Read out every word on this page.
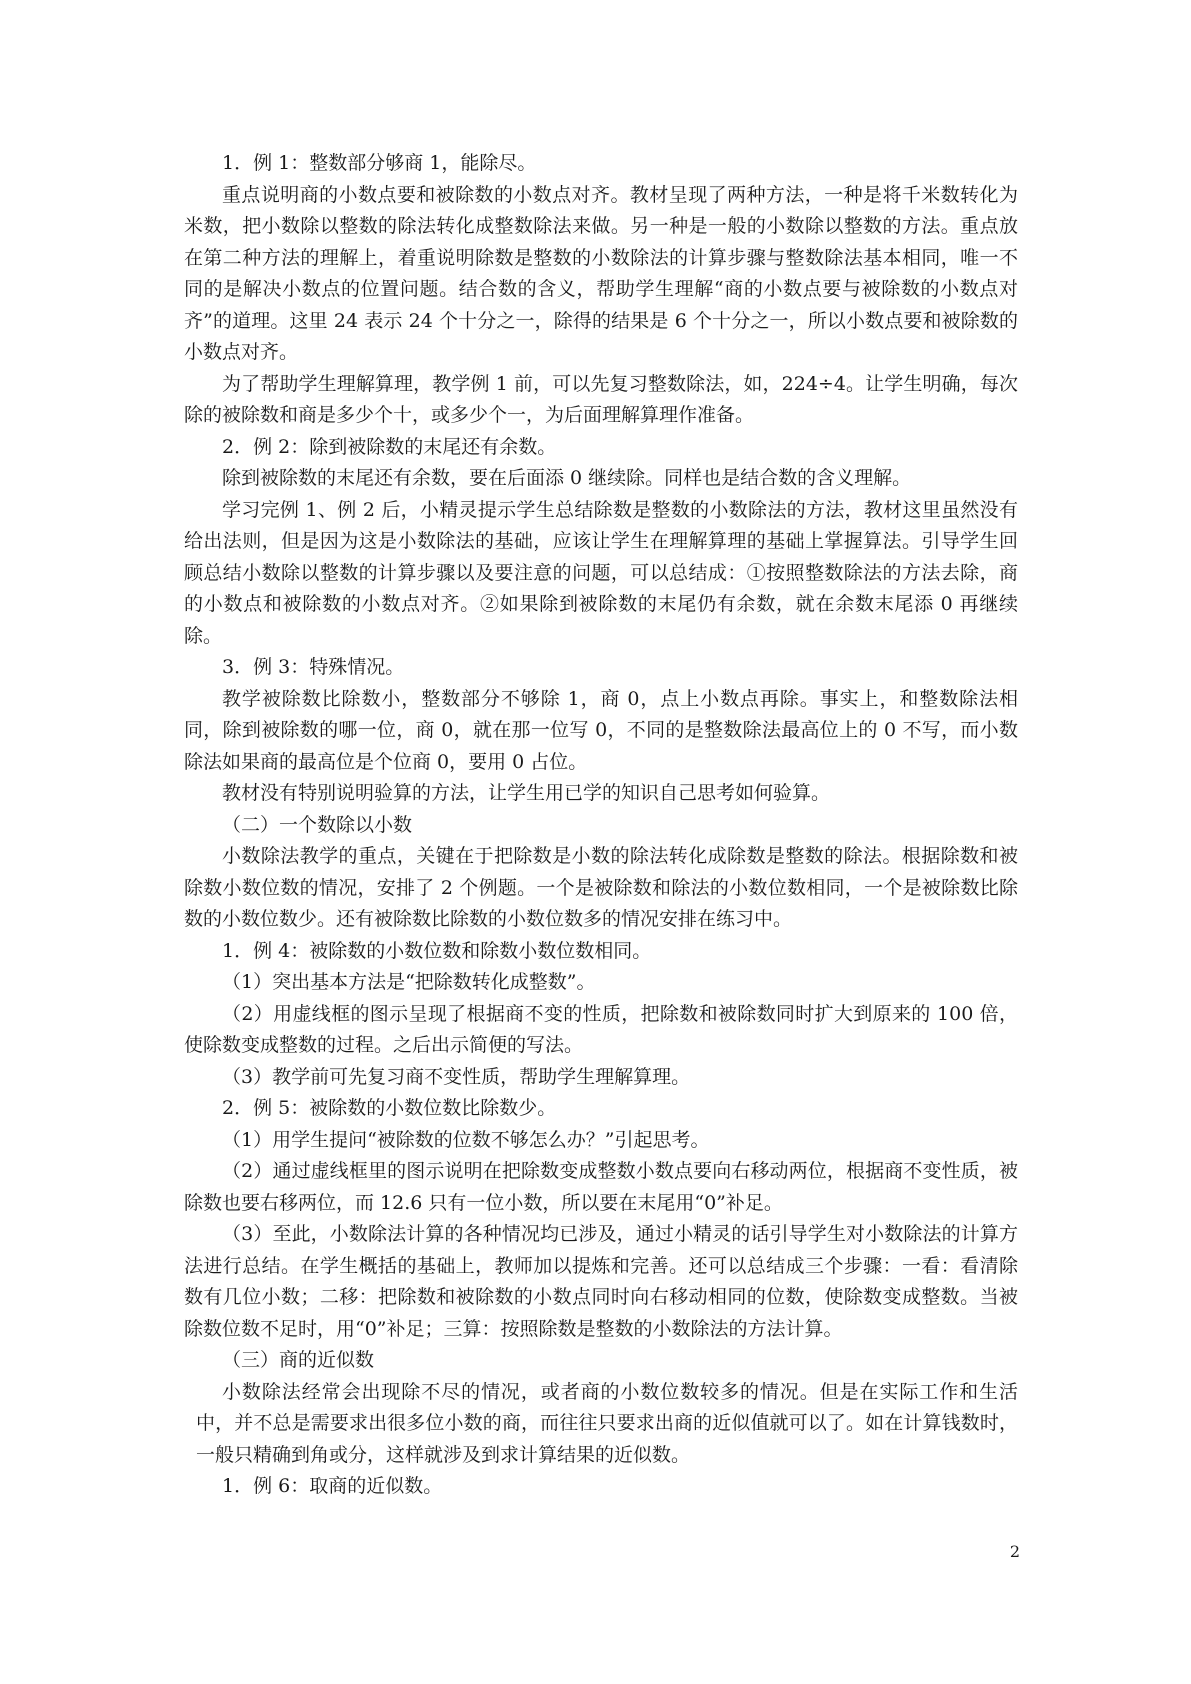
1．例 1：整数部分够商 1，能除尽。

重点说明商的小数点要和被除数的小数点对齐。教材呈现了两种方法，一种是将千米数转化为米数，把小数除以整数的除法转化成整数除法来做。另一种是一般的小数除以整数的方法。重点放在第二种方法的理解上，着重说明除数是整数的小数除法的计算步骤与整数除法基本相同，唯一不同的是解决小数点的位置问题。结合数的含义，帮助学生理解“商的小数点要与被除数的小数点对齐”的道理。这里 24 表示 24 个十分之一，除得的结果是 6 个十分之一，所以小数点要和被除数的小数点对齐。

为了帮助学生理解算理，教学例 1 前，可以先复习整数除法，如，224÷4。让学生明确，每次除的被除数和商是多少个十，或多少个一，为后面理解算理作准备。

2．例 2：除到被除数的末尾还有余数。

除到被除数的末尾还有余数，要在后面添 0 继续除。同样也是结合数的含义理解。

学习完例 1、例 2 后，小精灵提示学生总结除数是整数的小数除法的方法，教材这里虽然没有给出法则，但是因为这是小数除法的基础，应该让学生在理解算理的基础上掌握算法。引导学生回顾总结小数除以整数的计算步骤以及要注意的问题，可以总结成：①按照整数除法的方法去除，商的小数点和被除数的小数点对齐。②如果除到被除数的末尾仍有余数，就在余数末尾添 0 再继续除。

3．例 3：特殊情况。

教学被除数比除数小，整数部分不够除 1，商 0，点上小数点再除。事实上，和整数除法相同，除到被除数的哪一位，商 0，就在那一位写 0，不同的是整数除法最高位上的 0 不写，而小数除法如果商的最高位是个位商 0，要用 0 占位。

教材没有特别说明验算的方法，让学生用已学的知识自己思考如何验算。

（二）一个数除以小数

小数除法教学的重点，关键在于把除数是小数的除法转化成除数是整数的除法。根据除数和被除数小数位数的情况，安排了 2 个例题。一个是被除数和除法的小数位数相同，一个是被除数比除数的小数位数少。还有被除数比除数的小数位数多的情况安排在练习中。

1．例 4：被除数的小数位数和除数小数位数相同。

（1）突出基本方法是“把除数转化成整数”。

（2）用虚线框的图示呈现了根据商不变的性质，把除数和被除数同时扩大到原来的 100 倍，使除数变成整数的过程。之后出示简便的写法。

（3）教学前可先复习商不变性质，帮助学生理解算理。

2．例 5：被除数的小数位数比除数少。

（1）用学生提问“被除数的位数不够怎么办？”引起思考。

（2）通过虚线框里的图示说明在把除数变成整数小数点要向右移动两位，根据商不变性质，被除数也要右移两位，而 12.6 只有一位小数，所以要在末尾用“0”补足。

（3）至此，小数除法计算的各种情况均已涉及，通过小精灵的话引导学生对小数除法的计算方法进行总结。在学生概括的基础上，教师加以提炼和完善。还可以总结成三个步骤：一看：看清除数有几位小数；二移：把除数和被除数的小数点同时向右移动相同的位数，使除数变成整数。当被除数位数不足时，用“0”补足；三算：按照除数是整数的小数除法的方法计算。

（三）商的近似数

小数除法经常会出现除不尽的情况，或者商的小数位数较多的情况。但是在实际工作和生活中，并不总是需要求出很多位小数的商，而往往只要求出商的近似值就可以了。如在计算钱数时，一般只精确到角或分，这样就涉及到求计算结果的近似数。

1．例 6：取商的近似数。

2
